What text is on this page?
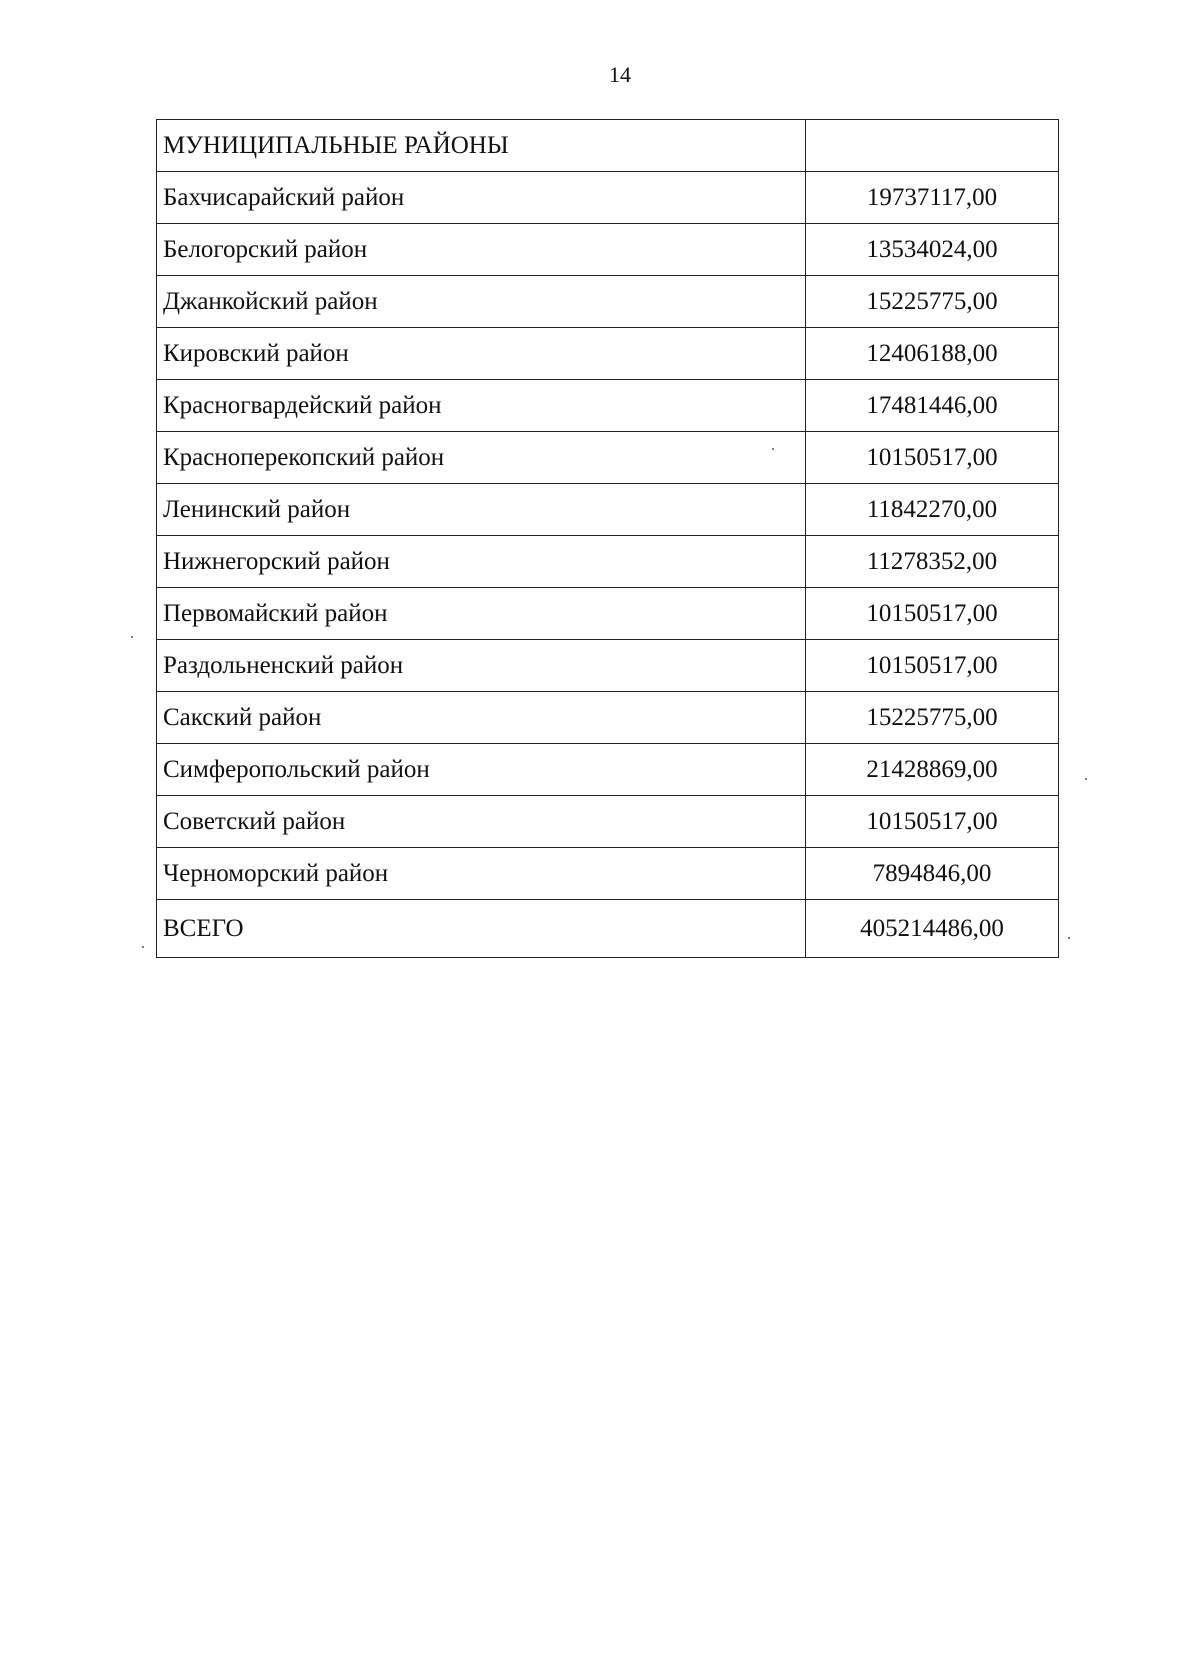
14
МУНИЦИПАЛЬНЫЕ РАЙОНЫ	
Бахчисарайский район	19737117,00
Белогорский район	13534024,00
Джанкойский район	15225775,00
Кировский район	12406188,00
Красногвардейский район	17481446,00
Красноперекопский район	10150517,00
Ленинский район	11842270,00
Нижнегорский район	11278352,00
Первомайский район	10150517,00
Раздольненский район	10150517,00
Сакский район	15225775,00
Симферопольский район	21428869,00
Советский район	10150517,00
Черноморский район	7894846,00
ВСЕГО	405214486,00
